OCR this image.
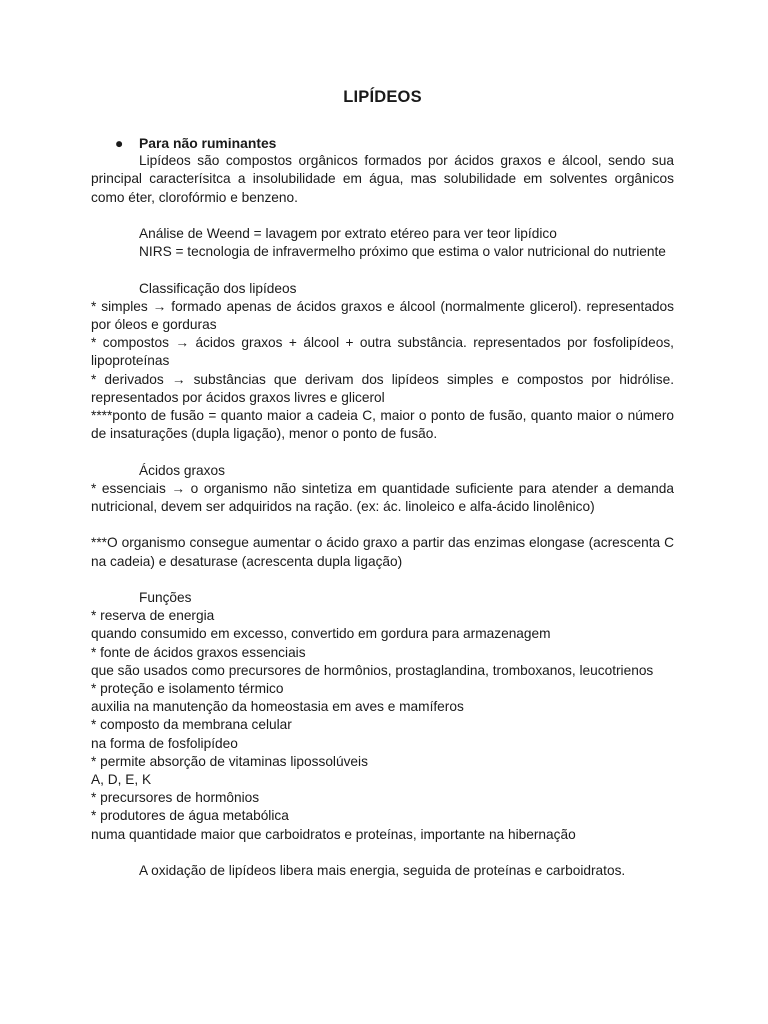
LIPÍDEOS

● Para não ruminantes

Lipídeos são compostos orgânicos formados por ácidos graxos e álcool, sendo sua principal caracterísitca a insolubilidade em água, mas solubilidade em solventes orgânicos como éter, clorofórmio e benzeno.

Análise de Weend = lavagem por extrato etéreo para ver teor lipídico

NIRS = tecnologia de infravermelho próximo que estima o valor nutricional do nutriente

Classificação dos lipídeos

* simples → formado apenas de ácidos graxos e álcool (normalmente glicerol). representados por óleos e gorduras

* compostos → ácidos graxos + álcool + outra substância. representados por fosfolipídeos, lipoproteínas

* derivados → substâncias que derivam dos lipídeos simples e compostos por hidrólise. representados por ácidos graxos livres e glicerol

****ponto de fusão = quanto maior a cadeia C, maior o ponto de fusão, quanto maior o número de insaturações (dupla ligação), menor o ponto de fusão.

Ácidos graxos

* essenciais → o organismo não sintetiza em quantidade suficiente para atender a demanda nutricional, devem ser adquiridos na ração. (ex: ác. linoleico e alfa-ácido linolênico)

***O organismo consegue aumentar o ácido graxo a partir das enzimas elongase (acrescenta C na cadeia) e desaturase (acrescenta dupla ligação)

Funções

* reserva de energia

quando consumido em excesso, convertido em gordura para armazenagem

* fonte de ácidos graxos essenciais

que são usados como precursores de hormônios, prostaglandina, tromboxanos, leucotrienos

* proteção e isolamento térmico

auxilia na manutenção da homeostasia em aves e mamíferos

* composto da membrana celular

na forma de fosfolipídeo

* permite absorção de vitaminas lipossolúveis

A, D, E, K

* precursores de hormônios

* produtores de água metabólica

numa quantidade maior que carboidratos e proteínas, importante na hibernação

A oxidação de lipídeos libera mais energia, seguida de proteínas e carboidratos.
